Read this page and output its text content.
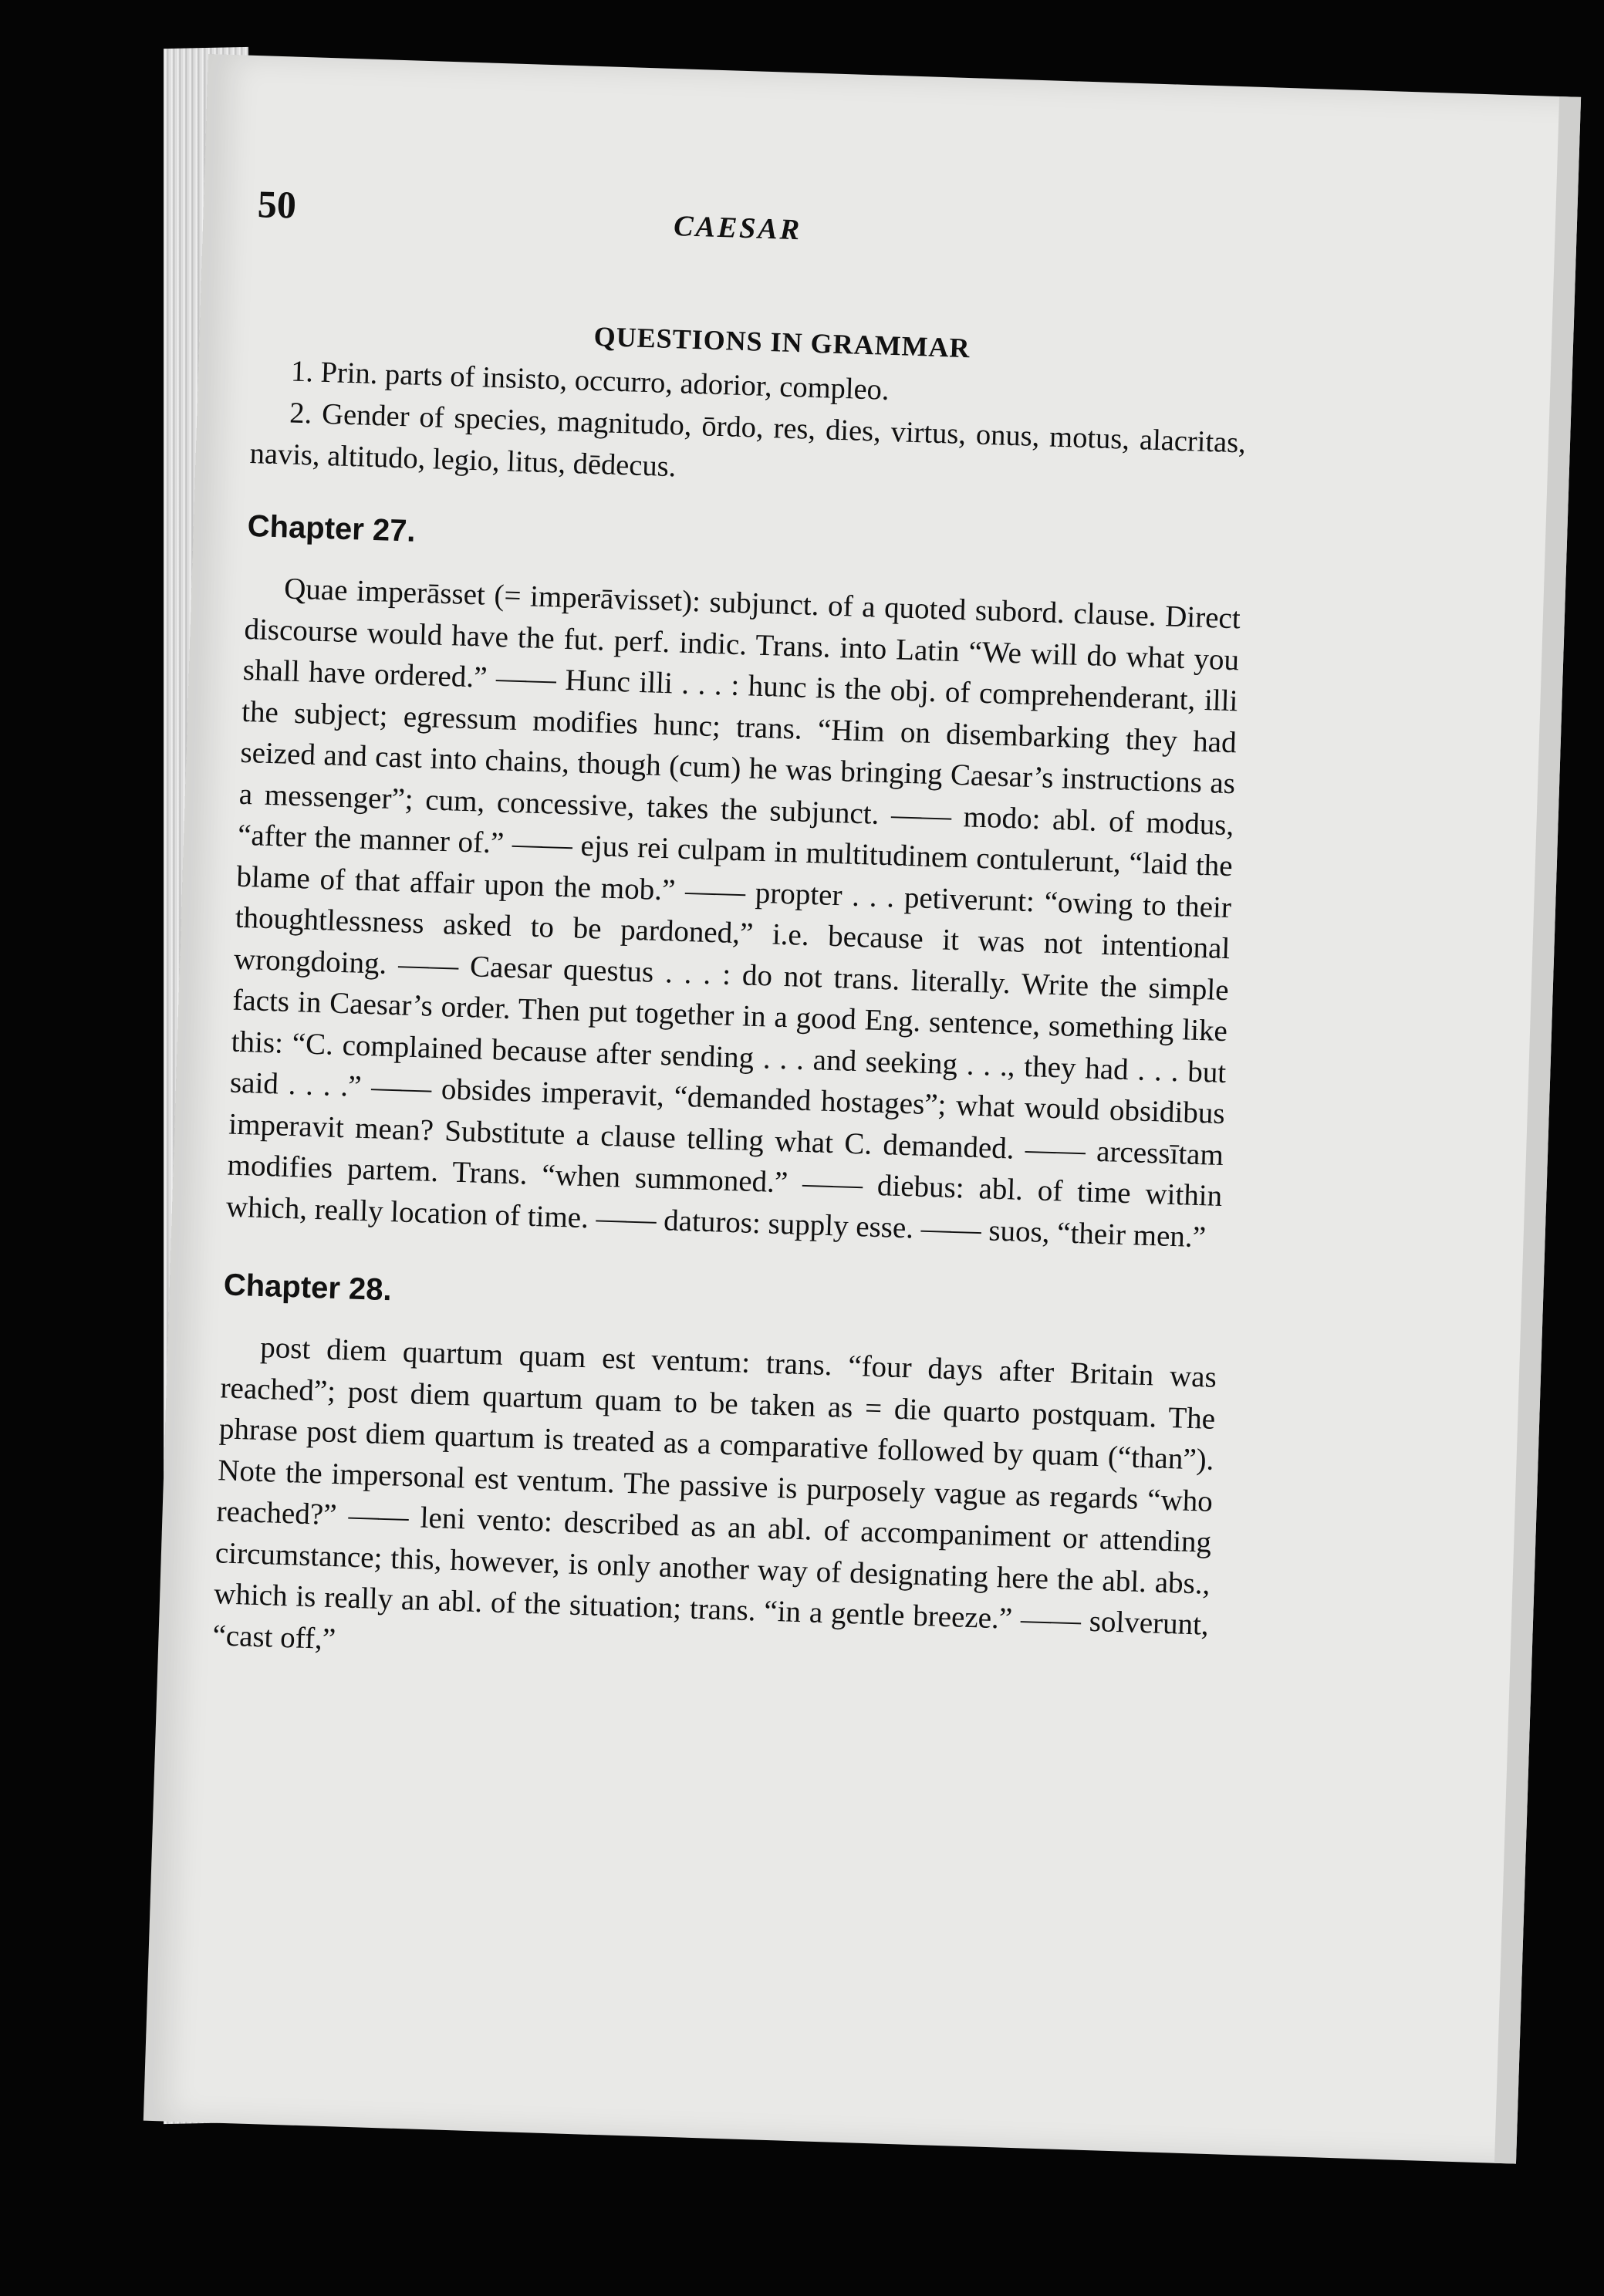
50
CAESAR
QUESTIONS IN GRAMMAR

1. Prin. parts of insisto, occurro, adorior, compleo.

2. Gender of species, magnitudo, ōrdo, res, dies, virtus, onus, motus, alacritas, navis, altitudo, legio, litus, dēdecus.

Chapter 27.

Quae imperāsset (= imperāvisset): subjunct. of a quoted subord. clause. Direct discourse would have the fut. perf. indic. Trans. into Latin “We will do what you shall have ordered.” —— Hunc illi . . . : hunc is the obj. of comprehenderant, illi the subject; egressum modifies hunc; trans. “Him on disembarking they had seized and cast into chains, though (cum) he was bringing Caesar’s instructions as a messenger”; cum, concessive, takes the subjunct. —— modo: abl. of modus, “after the manner of.” —— ejus rei culpam in multitudinem contulerunt, “laid the blame of that affair upon the mob.” —— propter . . . petiverunt: “owing to their thoughtlessness asked to be pardoned,” i.e. because it was not intentional wrongdoing. —— Caesar questus . . . : do not trans. literally. Write the simple facts in Caesar’s order. Then put together in a good Eng. sentence, something like this: “C. complained because after sending . . . and seeking . . ., they had . . . but said . . . .” —— obsides imperavit, “demanded hostages”; what would obsidibus imperavit mean? Substitute a clause telling what C. demanded. —— arcessītam modifies partem. Trans. “when summoned.” —— diebus: abl. of time within which, really location of time. —— daturos: supply esse. —— suos, “their men.”

Chapter 28.

post diem quartum quam est ventum: trans. “four days after Britain was reached”; post diem quartum quam to be taken as = die quarto postquam. The phrase post diem quartum is treated as a comparative followed by quam (“than”). Note the impersonal est ventum. The passive is purposely vague as regards “who reached?” —— leni vento: described as an abl. of accompaniment or attending circumstance; this, however, is only another way of designating here the abl. abs., which is really an abl. of the situation; trans. “in a gentle breeze.” —— solverunt, “cast off,”
